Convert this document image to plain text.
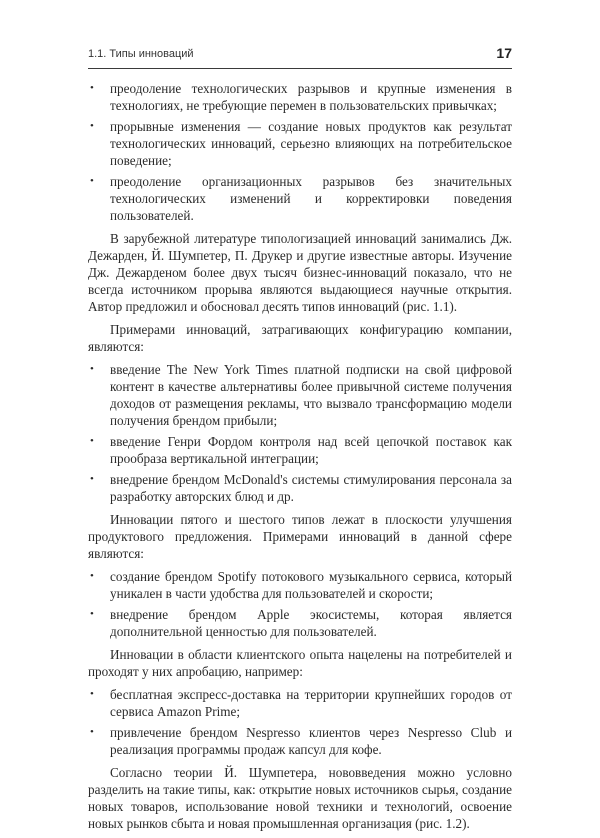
1.1. Типы инноваций	17
• преодоление технологических разрывов и крупные изменения в технологиях, не требующие перемен в пользовательских привычках;
• прорывные изменения — создание новых продуктов как результат технологических инноваций, серьезно влияющих на потребительское поведение;
• преодоление организационных разрывов без значительных технологических изменений и корректировки поведения пользователей.

В зарубежной литературе типологизацией инноваций занимались Дж. Дежарден, Й. Шумпетер, П. Друкер и другие известные авторы. Изучение Дж. Дежарденом более двух тысяч бизнес-инноваций показало, что не всегда источником прорыва являются выдающиеся научные открытия. Автор предложил и обосновал десять типов инноваций (рис. 1.1).

Примерами инноваций, затрагивающих конфигурацию компании, являются:

• введение The New York Times платной подписки на свой цифровой контент в качестве альтернативы более привычной системе получения доходов от размещения рекламы, что вызвало трансформацию модели получения брендом прибыли;
• введение Генри Фордом контроля над всей цепочкой поставок как прообраза вертикальной интеграции;
• внедрение брендом McDonald's системы стимулирования персонала за разработку авторских блюд и др.

Инновации пятого и шестого типов лежат в плоскости улучшения продуктового предложения. Примерами инноваций в данной сфере являются:

• создание брендом Spotify потокового музыкального сервиса, который уникален в части удобства для пользователей и скорости;
• внедрение брендом Apple экосистемы, которая является дополнительной ценностью для пользователей.

Инновации в области клиентского опыта нацелены на потребителей и проходят у них апробацию, например:

• бесплатная экспресс-доставка на территории крупнейших городов от сервиса Amazon Prime;
• привлечение брендом Nespresso клиентов через Nespresso Club и реализация программы продаж капсул для кофе.

Согласно теории Й. Шумпетера, нововведения можно условно разделить на такие типы, как: открытие новых источников сырья, создание новых товаров, использование новой техники и технологий, освоение новых рынков сбыта и новая промышленная организация (рис. 1.2).
